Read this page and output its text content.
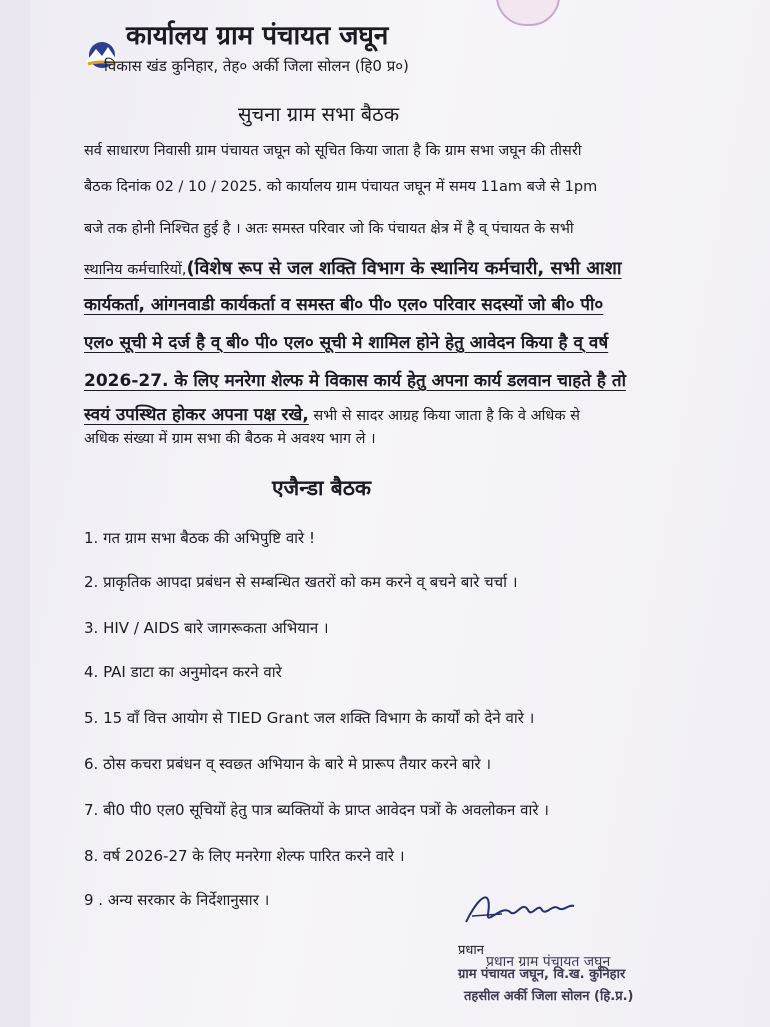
कार्यालय ग्राम पंचायत जघून
विकास खंड कुनिहार, तेह० अर्की जिला सोलन (हि0 प्र०)
सुचना ग्राम सभा बैठक
सर्व साधारण निवासी ग्राम पंचायत जघून को सूचित किया जाता है कि ग्राम सभा जघून की तीसरी
बैठक दिनांक 02 / 10 / 2025. को कार्यालय ग्राम पंचायत जघून में समय 11am बजे से 1pm
बजे तक होनी निश्चित हुई है । अतः समस्त परिवार जो कि पंचायत क्षेत्र में है व् पंचायत के सभी
स्थानिय कर्मचारियों,(विशेष रूप से जल शक्ति विभाग के स्थानिय कर्मचारी, सभी आशा
कार्यकर्ता, आंगनवाडी कार्यकर्ता व समस्त बी० पी० एल० परिवार सदस्यों जो बी० पी०
एल० सूची मे दर्ज है व् बी० पी० एल० सूची मे शामिल होने हेतु आवेदन किया है व् वर्ष
2026-27. के लिए मनरेगा शेल्फ मे विकास कार्य हेतु अपना कार्य डलवान चाहते है तो
स्वयं उपस्थित होकर अपना पक्ष रखे, सभी से सादर आग्रह किया जाता है कि वे अधिक से
अधिक संख्या में ग्राम सभा की बैठक मे अवश्य भाग ले ।
एजैन्डा बैठक
1. गत ग्राम सभा बैठक की अभिपुष्टि वारे !
2. प्राकृतिक आपदा प्रबंधन से सम्बन्धित खतरों को कम करने व् बचने बारे चर्चा ।
3. HIV / AIDS बारे जागरूकता अभियान ।
4. PAI डाटा का अनुमोदन करने वारे
5. 15 वाँ वित्त आयोग से TIED Grant जल शक्ति विभाग के कार्यों को देने वारे ।
6. ठोस कचरा प्रबंधन व् स्वछ्त अभियान के बारे मे प्रारूप तैयार करने बारे ।
7. बी0 पी0 एल0 सूचियों हेतु पात्र ब्यक्तियों के प्राप्त आवेदन पत्रों के अवलोकन वारे ।
8. वर्ष 2026-27 के लिए मनरेगा शेल्फ पारित करने वारे ।
9 . अन्य सरकार के निर्देशानुसार ।
प्रधान
प्रधान ग्राम पंचायत जघून
ग्राम पंचायत जघून, वि.ख. कुनिहार
तहसील अर्की जिला सोलन (हि.प्र.)
